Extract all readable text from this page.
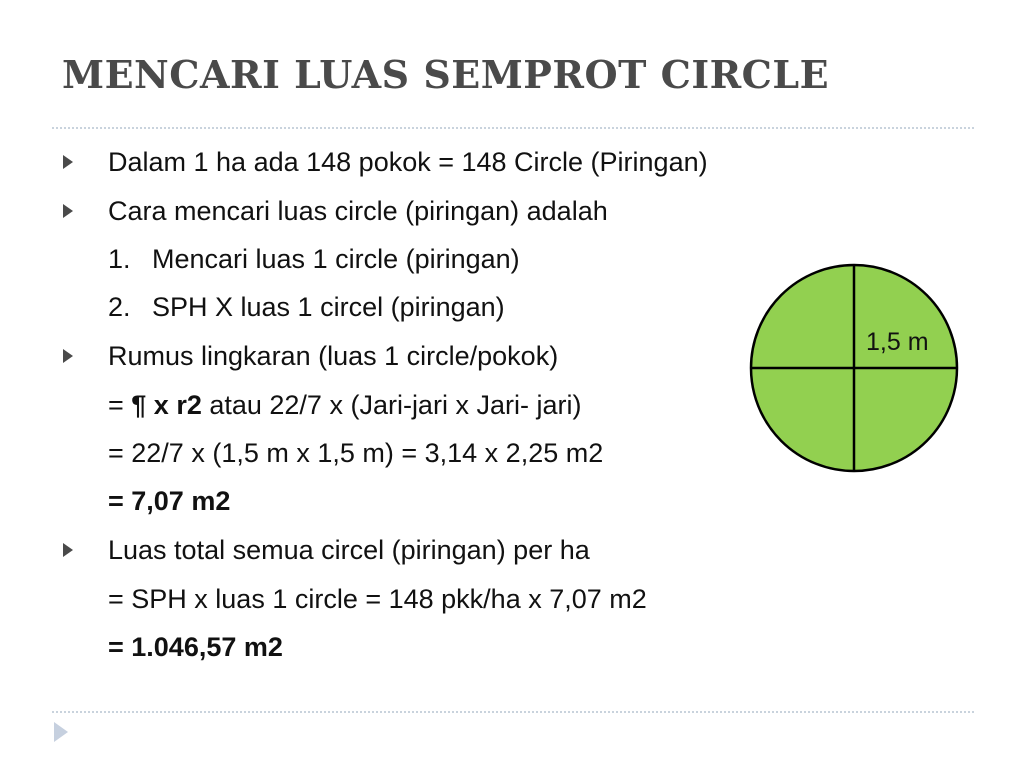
MENCARI LUAS SEMPROT CIRCLE
Dalam 1 ha ada 148 pokok = 148 Circle (Piringan)
Cara mencari luas circle (piringan) adalah
1. Mencari luas 1 circle (piringan)
2. SPH X luas 1 circel (piringan)
Rumus lingkaran (luas 1 circle/pokok)
= ¶ x r2 atau 22/7 x (Jari-jari x Jari- jari)
= 22/7 x (1,5 m x 1,5 m) = 3,14 x 2,25 m2
= 7,07 m2
Luas total semua circel (piringan) per ha
= SPH x luas 1 circle = 148 pkk/ha x 7,07 m2
= 1.046,57 m2
1,5 m
